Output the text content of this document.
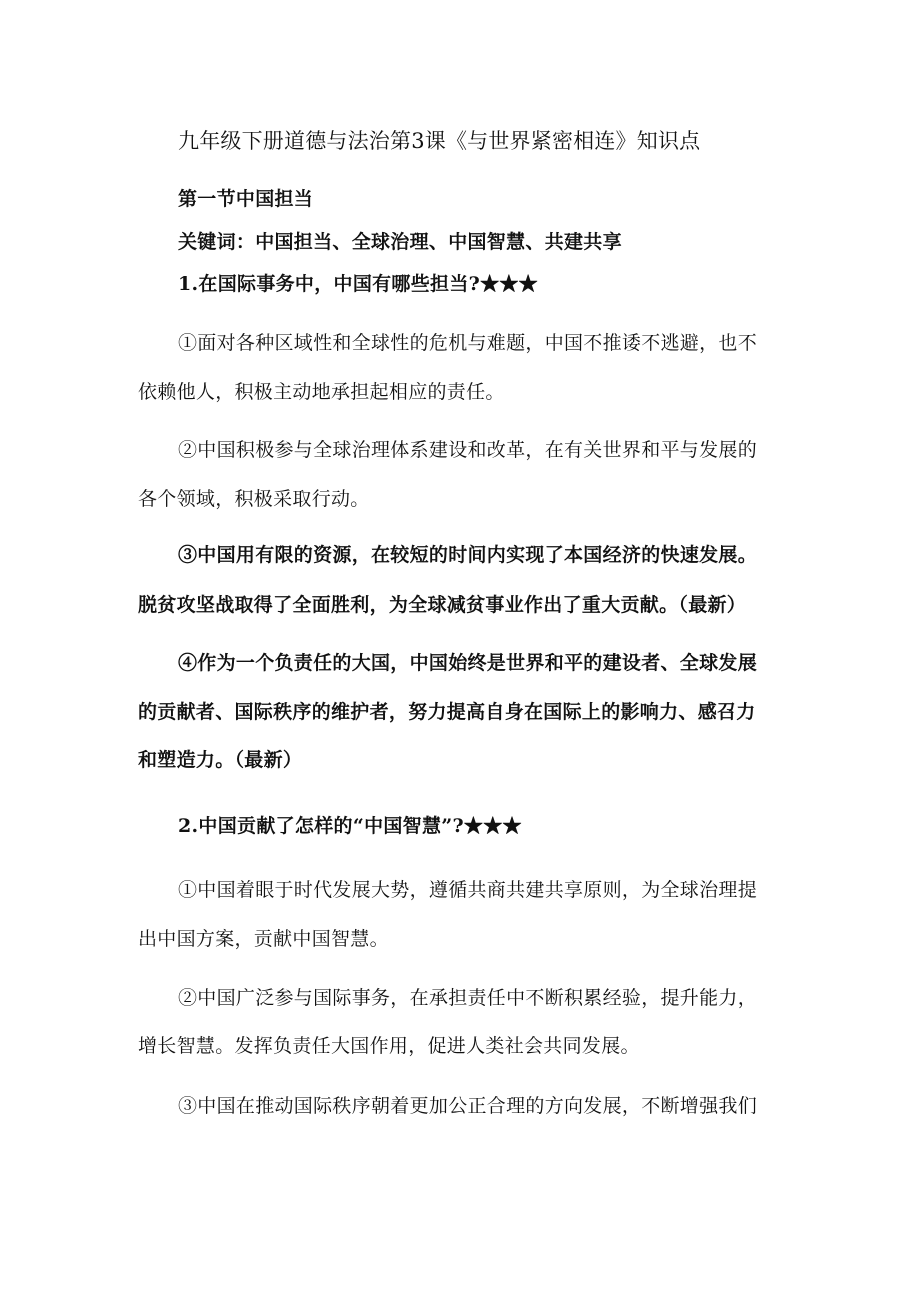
九年级下册道德与法治第3课《与世界紧密相连》知识点
第一节中国担当
关键词：中国担当、全球治理、中国智慧、共建共享
1.在国际事务中，中国有哪些担当?★★★
①面对各种区域性和全球性的危机与难题，中国不推诿不逃避，也不
依赖他人，积极主动地承担起相应的责任。
②中国积极参与全球治理体系建设和改革，在有关世界和平与发展的
各个领域，积极采取行动。
③中国用有限的资源，在较短的时间内实现了本国经济的快速发展。
脱贫攻坚战取得了全面胜利，为全球减贫事业作出了重大贡献。（最新）
④作为一个负责任的大国，中国始终是世界和平的建设者、全球发展
的贡献者、国际秩序的维护者，努力提高自身在国际上的影响力、感召力
和塑造力。（最新）
2.中国贡献了怎样的“中国智慧”?★★★
①中国着眼于时代发展大势，遵循共商共建共享原则，为全球治理提
出中国方案，贡献中国智慧。
②中国广泛参与国际事务，在承担责任中不断积累经验，提升能力，
增长智慧。发挥负责任大国作用，促进人类社会共同发展。
③中国在推动国际秩序朝着更加公正合理的方向发展，不断增强我们
